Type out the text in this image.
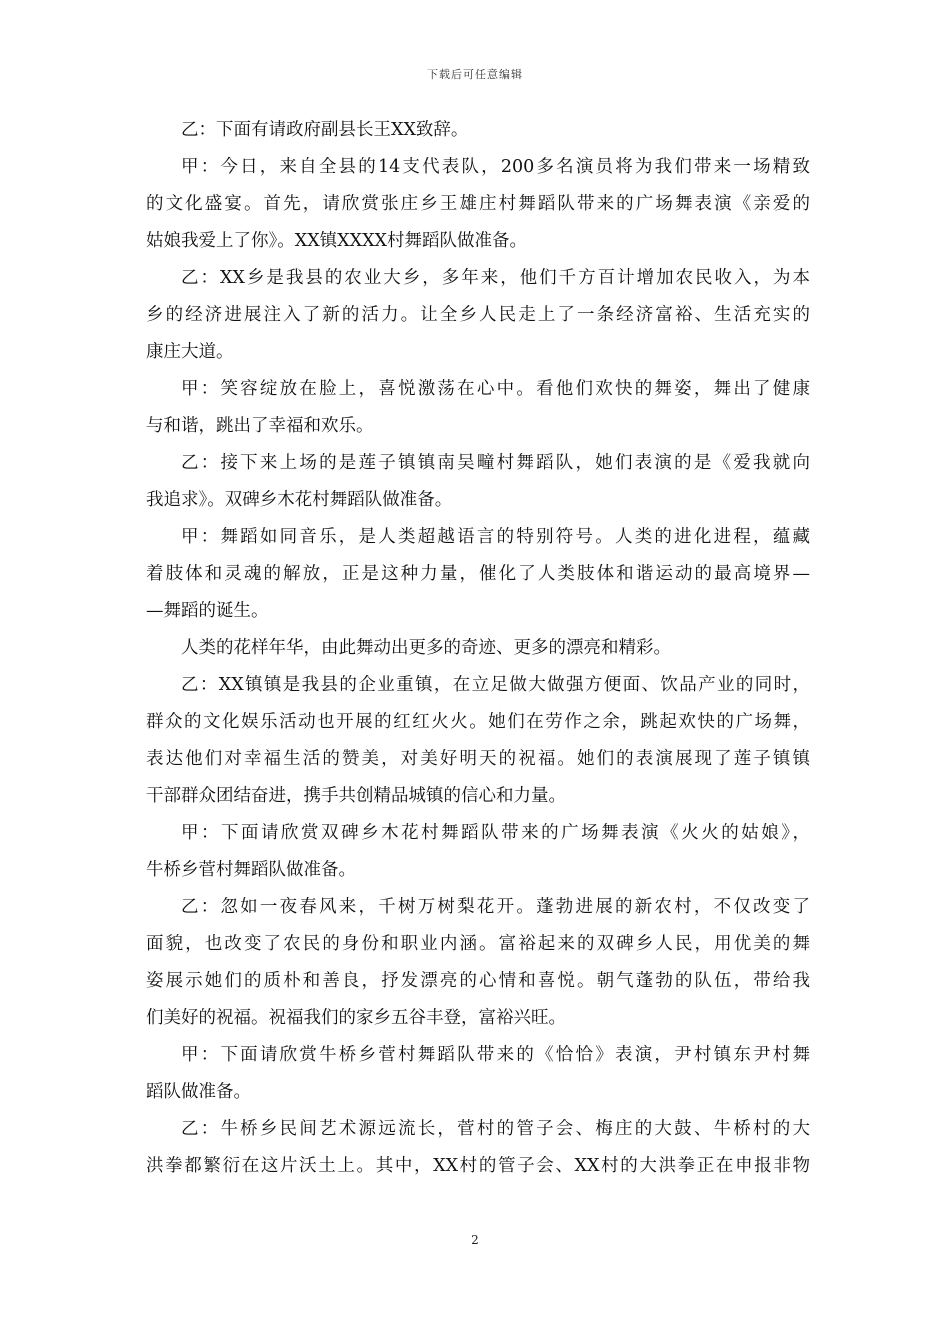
下载后可任意编辑
乙：下面有请政府副县长王XX致辞。
甲：今日，来自全县的14支代表队，200多名演员将为我们带来一场精致
的文化盛宴。首先，请欣赏张庄乡王雄庄村舞蹈队带来的广场舞表演《亲爱的
姑娘我爱上了你》。XX镇XXXX村舞蹈队做准备。
乙：XX乡是我县的农业大乡，多年来，他们千方百计增加农民收入，为本
乡的经济进展注入了新的活力。让全乡人民走上了一条经济富裕、生活充实的
康庄大道。
甲：笑容绽放在脸上，喜悦激荡在心中。看他们欢快的舞姿，舞出了健康
与和谐，跳出了幸福和欢乐。
乙：接下来上场的是莲子镇镇南吴疃村舞蹈队，她们表演的是《爱我就向
我追求》。双碑乡木花村舞蹈队做准备。
甲：舞蹈如同音乐，是人类超越语言的特别符号。人类的进化进程，蕴藏
着肢体和灵魂的解放，正是这种力量，催化了人类肢体和谐运动的最高境界—
—舞蹈的诞生。
人类的花样年华，由此舞动出更多的奇迹、更多的漂亮和精彩。
乙：XX镇镇是我县的企业重镇，在立足做大做强方便面、饮品产业的同时，
群众的文化娱乐活动也开展的红红火火。她们在劳作之余，跳起欢快的广场舞，
表达他们对幸福生活的赞美，对美好明天的祝福。她们的表演展现了莲子镇镇
干部群众团结奋进，携手共创精品城镇的信心和力量。
甲：下面请欣赏双碑乡木花村舞蹈队带来的广场舞表演《火火的姑娘》，
牛桥乡菅村舞蹈队做准备。
乙：忽如一夜春风来，千树万树梨花开。蓬勃进展的新农村，不仅改变了
面貌，也改变了农民的身份和职业内涵。富裕起来的双碑乡人民，用优美的舞
姿展示她们的质朴和善良，抒发漂亮的心情和喜悦。朝气蓬勃的队伍，带给我
们美好的祝福。祝福我们的家乡五谷丰登，富裕兴旺。
甲：下面请欣赏牛桥乡菅村舞蹈队带来的《恰恰》表演，尹村镇东尹村舞
蹈队做准备。
乙：牛桥乡民间艺术源远流长，菅村的管子会、梅庄的大鼓、牛桥村的大
洪拳都繁衍在这片沃土上。其中，XX村的管子会、XX村的大洪拳正在申报非物
2
